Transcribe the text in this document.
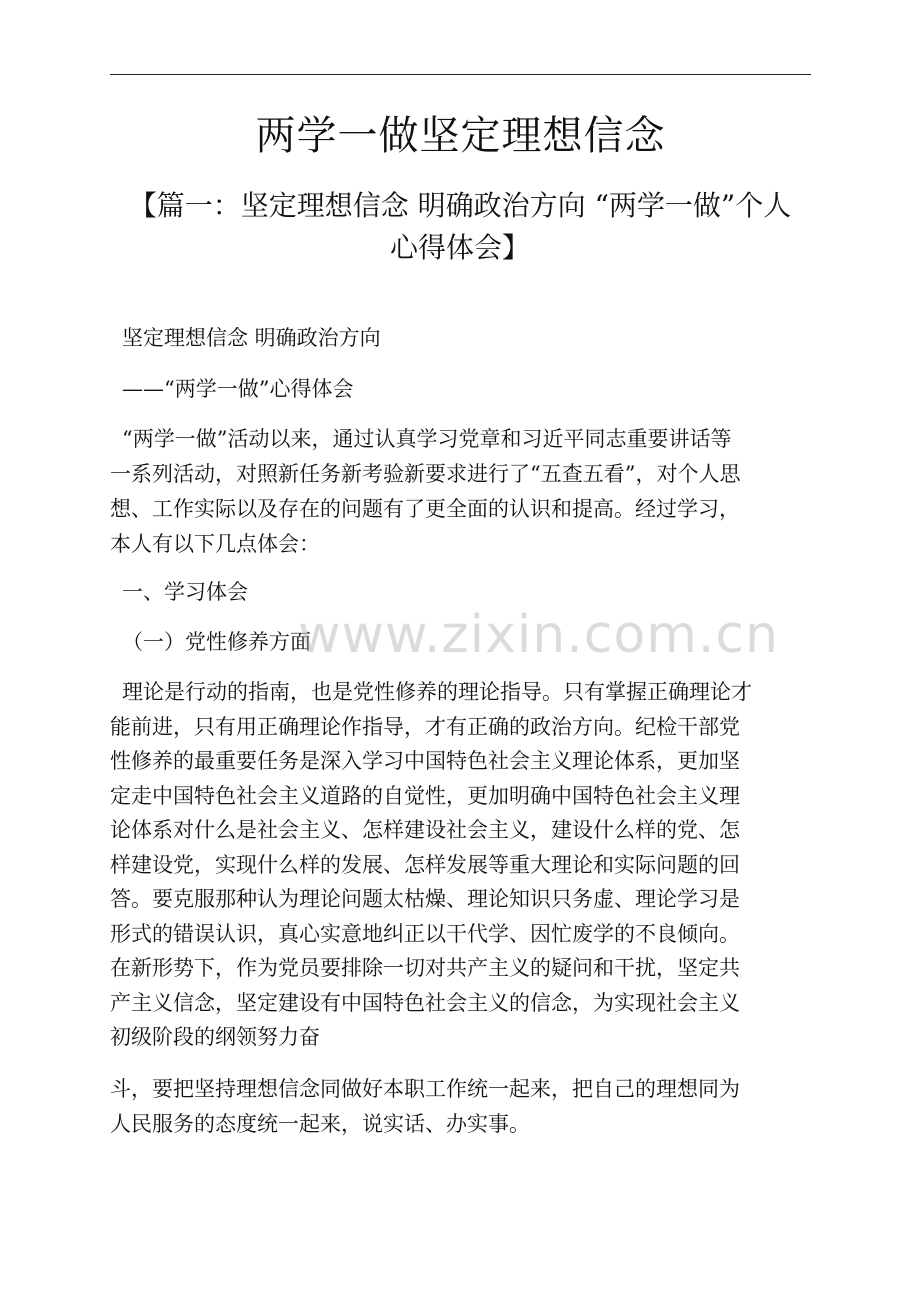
两学一做坚定理想信念
【篇一：坚定理想信念 明确政治方向 “两学一做”个人
心得体会】

坚定理想信念 明确政治方向

——“两学一做”心得体会

“两学一做”活动以来，通过认真学习党章和习近平同志重要讲话等
一系列活动，对照新任务新考验新要求进行了“五查五看”，对个人思
想、工作实际以及存在的问题有了更全面的认识和提高。经过学习，
本人有以下几点体会：

一、学习体会

（一）党性修养方面

理论是行动的指南，也是党性修养的理论指导。只有掌握正确理论才
能前进，只有用正确理论作指导，才有正确的政治方向。纪检干部党
性修养的最重要任务是深入学习中国特色社会主义理论体系，更加坚
定走中国特色社会主义道路的自觉性，更加明确中国特色社会主义理
论体系对什么是社会主义、怎样建设社会主义，建设什么样的党、怎
样建设党，实现什么样的发展、怎样发展等重大理论和实际问题的回
答。要克服那种认为理论问题太枯燥、理论知识只务虚、理论学习是
形式的错误认识，真心实意地纠正以干代学、因忙废学的不良倾向。
在新形势下，作为党员要排除一切对共产主义的疑问和干扰，坚定共
产主义信念，坚定建设有中国特色社会主义的信念，为实现社会主义
初级阶段的纲领努力奋
斗，要把坚持理想信念同做好本职工作统一起来，把自己的理想同为
人民服务的态度统一起来，说实话、办实事。
www.zixin.com.cn
